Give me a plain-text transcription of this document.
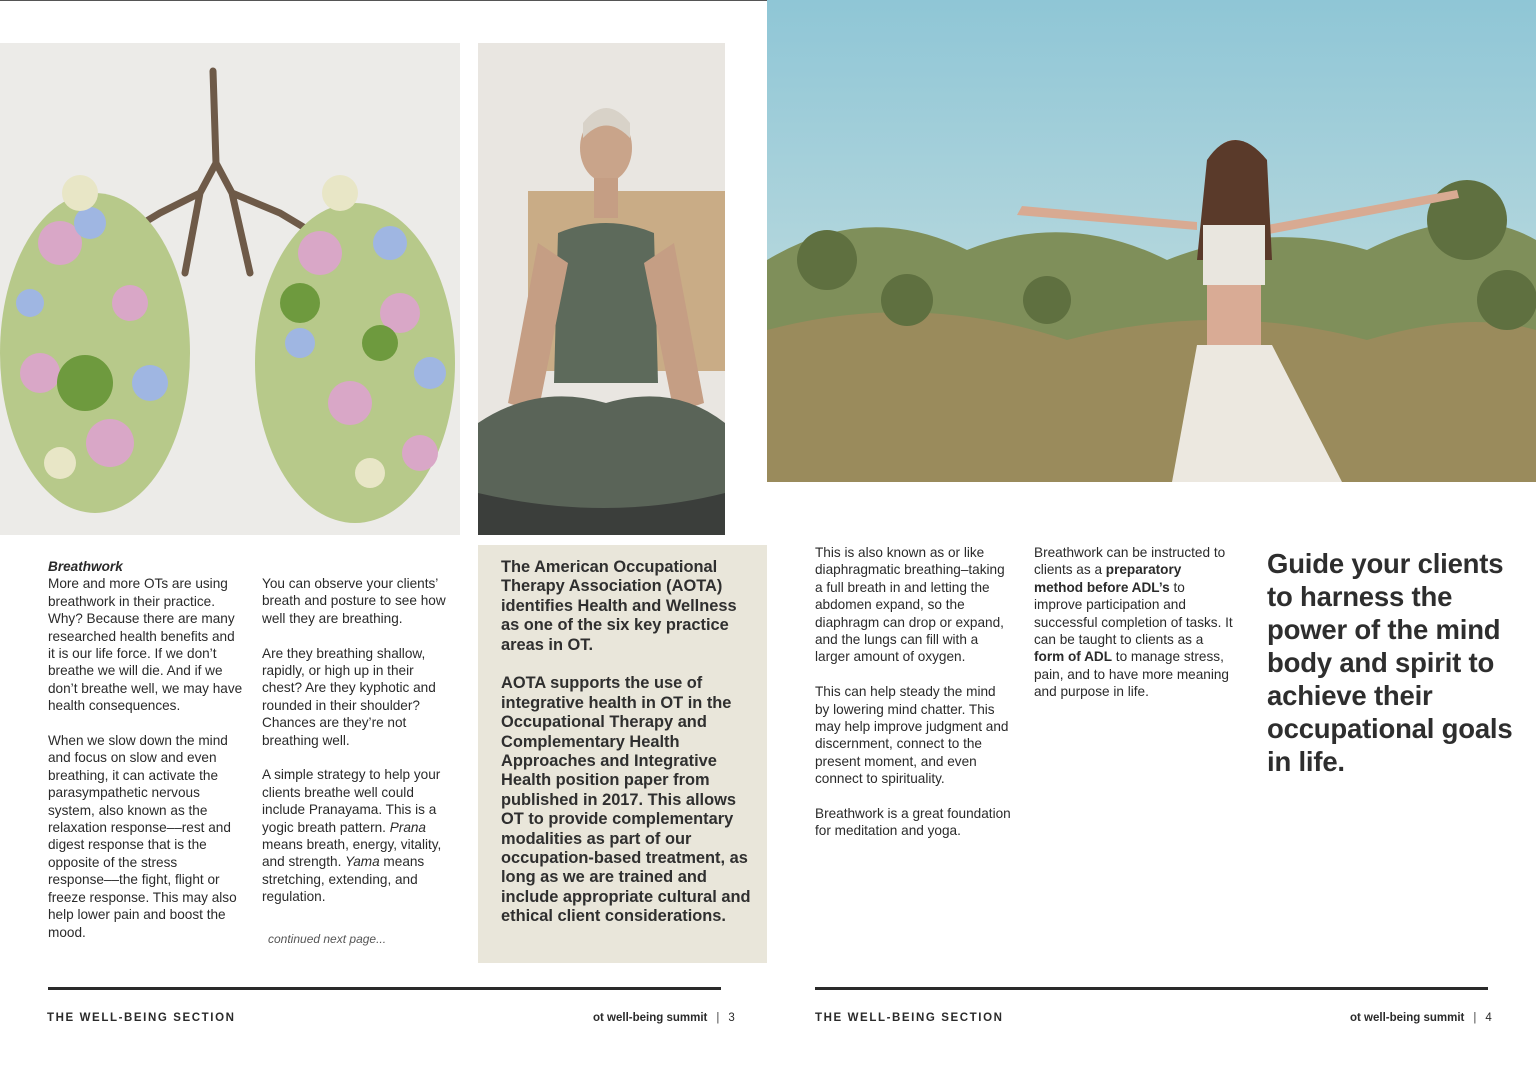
Breathwork

More and more OTs are using breathwork in their practice. Why? Because there are many researched health benefits and it is our life force. If we don’t breathe we will die. And if we don’t breathe well, we may have health consequences.

When we slow down the mind and focus on slow and even breathing, it can activate the parasympathetic nervous system, also known as the relaxation response––rest and digest response that is the opposite of the stress response––the fight, flight or freeze response. This may also help lower pain and boost the mood.

You can observe your clients’ breath and posture to see how well they are breathing.

Are they breathing shallow, rapidly, or high up in their chest? Are they kyphotic and rounded in their shoulder? Chances are they’re not breathing well.

A simple strategy to help your clients breathe well could include Pranayama. This is a yogic breath pattern. Prana means breath, energy, vitality, and strength. Yama means stretching, extending, and regulation.

continued next page...

The American Occupational Therapy Association (AOTA) identifies Health and Wellness as one of the six key practice areas in OT.

AOTA supports the use of integrative health in OT in the Occupational Therapy and Complementary Health Approaches and Integrative Health position paper from published in 2017. This allows OT to provide complementary modalities as part of our occupation-based treatment, as long as we are trained and include appropriate cultural and ethical client considerations.

This is also known as or like diaphragmatic breathing–taking a full breath in and letting the abdomen expand, so the diaphragm can drop or expand, and the lungs can fill with a larger amount of oxygen.

This can help steady the mind by lowering mind chatter. This may help improve judgment and discernment, connect to the present moment, and even connect to spirituality.

Breathwork is a great foundation for meditation and yoga.

Breathwork can be instructed to clients as a preparatory method before ADL’s to improve participation and successful completion of tasks. It can be taught to clients as a form of ADL to manage stress, pain, and to have more meaning and purpose in life.

Guide your clients to harness the power of the mind body and spirit to achieve their occupational goals in life.
THE WELL-BEING SECTION	ot well-being summit | 3	THE WELL-BEING SECTION	ot well-being summit | 4
